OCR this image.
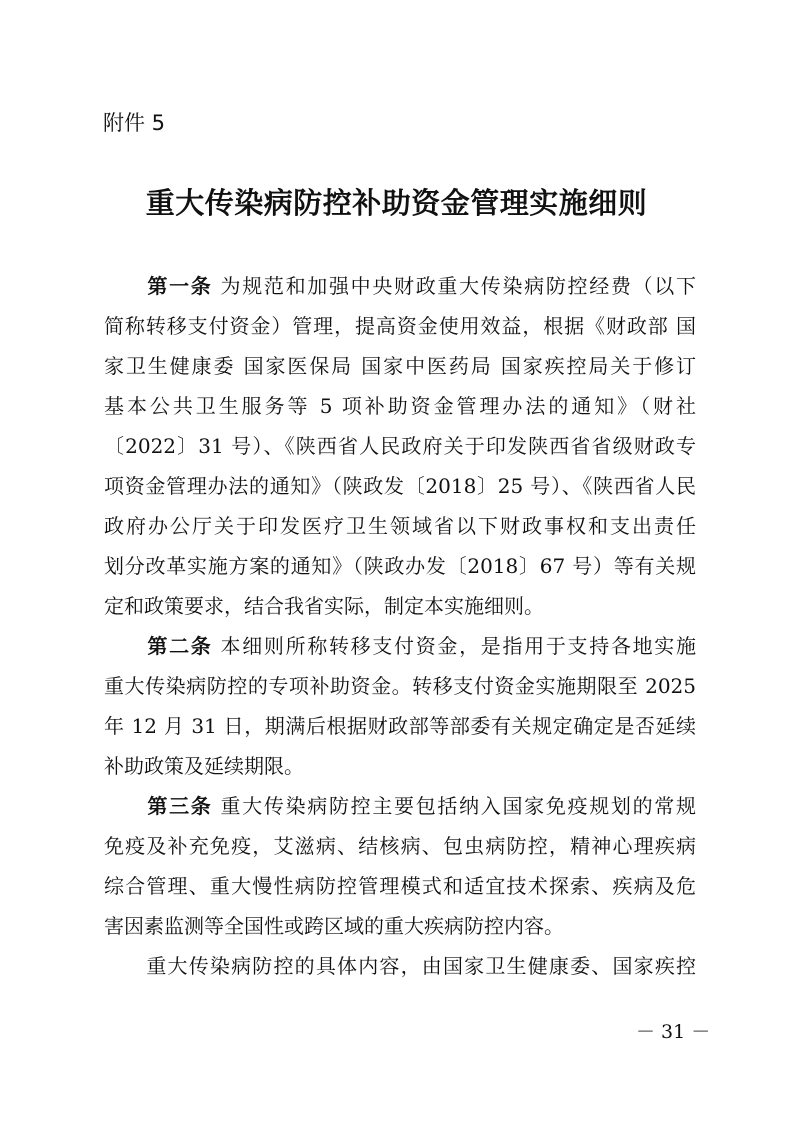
附件 5
重大传染病防控补助资金管理实施细则
　　第一条 为规范和加强中央财政重大传染病防控经费（以下
简称转移支付资金）管理，提高资金使用效益，根据《财政部 国
家卫生健康委 国家医保局 国家中医药局 国家疾控局关于修订
基本公共卫生服务等 5 项补助资金管理办法的通知》（财社
〔2022〕31 号）、《陕西省人民政府关于印发陕西省省级财政专
项资金管理办法的通知》（陕政发〔2018〕25 号）、《陕西省人民
政府办公厅关于印发医疗卫生领域省以下财政事权和支出责任
划分改革实施方案的通知》（陕政办发〔2018〕67 号）等有关规
定和政策要求，结合我省实际，制定本实施细则。
　　第二条 本细则所称转移支付资金，是指用于支持各地实施
重大传染病防控的专项补助资金。转移支付资金实施期限至 2025
年 12 月 31 日，期满后根据财政部等部委有关规定确定是否延续
补助政策及延续期限。
　　第三条 重大传染病防控主要包括纳入国家免疫规划的常规
免疫及补充免疫，艾滋病、结核病、包虫病防控，精神心理疾病
综合管理、重大慢性病防控管理模式和适宜技术探索、疾病及危
害因素监测等全国性或跨区域的重大疾病防控内容。
　　重大传染病防控的具体内容，由国家卫生健康委、国家疾控
－ 31 －
